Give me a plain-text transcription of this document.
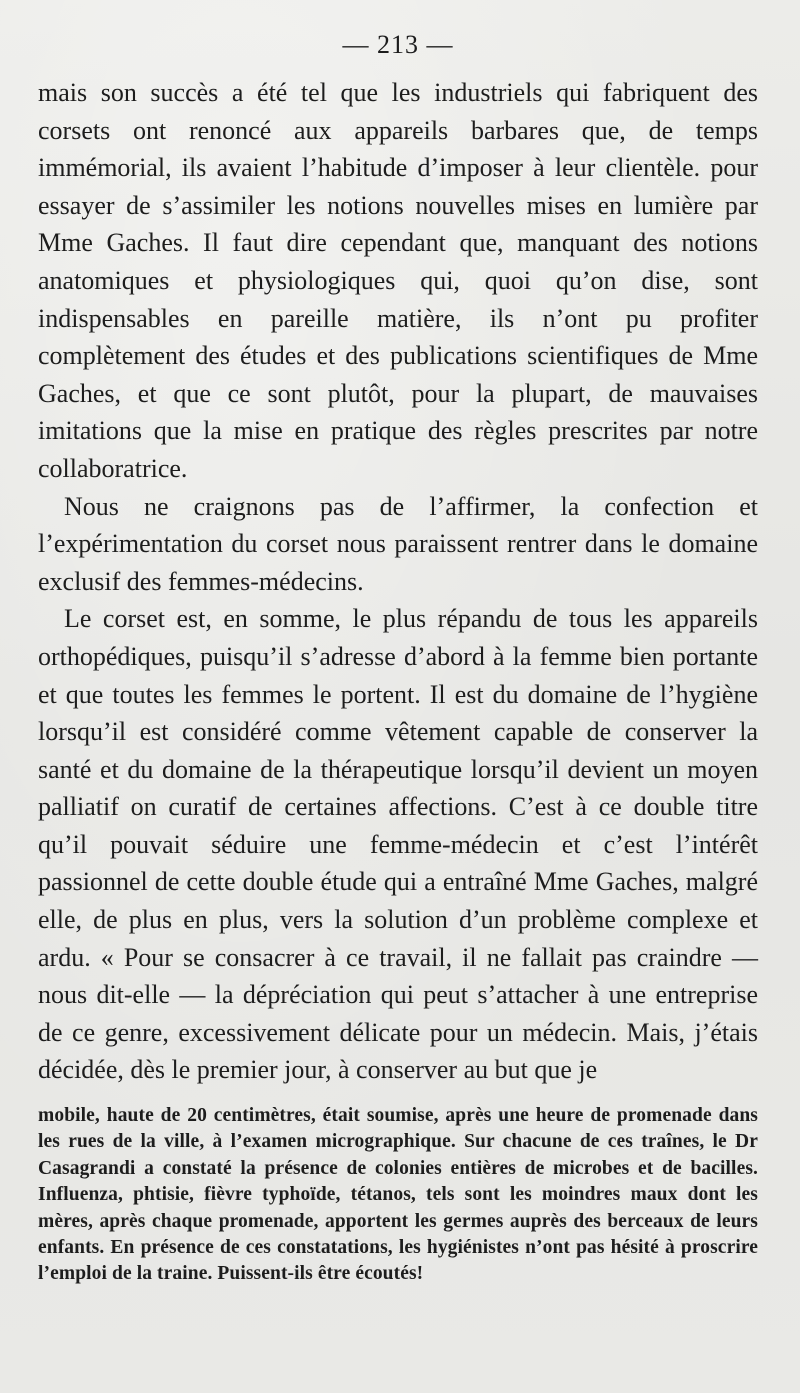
— 213 —

mais son succès a été tel que les industriels qui fabriquent des corsets ont renoncé aux appareils barbares que, de temps immémorial, ils avaient l’habitude d’imposer à leur clientèle. pour essayer de s’assimiler les notions nouvelles mises en lumière par Mme Gaches. Il faut dire cependant que, manquant des notions anatomiques et physiologiques qui, quoi qu’on dise, sont indispensables en pareille matière, ils n’ont pu profiter complètement des études et des publications scientifiques de Mme Gaches, et que ce sont plutôt, pour la plupart, de mauvaises imitations que la mise en pratique des règles prescrites par notre collaboratrice.

Nous ne craignons pas de l’affirmer, la confection et l’expérimentation du corset nous paraissent rentrer dans le domaine exclusif des femmes-médecins.

Le corset est, en somme, le plus répandu de tous les appareils orthopédiques, puisqu’il s’adresse d’abord à la femme bien portante et que toutes les femmes le portent. Il est du domaine de l’hygiène lorsqu’il est considéré comme vêtement capable de conserver la santé et du domaine de la thérapeutique lorsqu’il devient un moyen palliatif on curatif de certaines affections. C’est à ce double titre qu’il pouvait séduire une femme-médecin et c’est l’intérêt passionnel de cette double étude qui a entraîné Mme Gaches, malgré elle, de plus en plus, vers la solution d’un problème complexe et ardu. « Pour se consacrer à ce travail, il ne fallait pas craindre — nous dit-elle — la dépréciation qui peut s’attacher à une entreprise de ce genre, excessivement délicate pour un médecin. Mais, j’étais décidée, dès le premier jour, à conserver au but que je

mobile, haute de 20 centimètres, était soumise, après une heure de promenade dans les rues de la ville, à l’examen micrographique. Sur chacune de ces traînes, le Dr Casagrandi a constaté la présence de colonies entières de microbes et de bacilles. Influenza, phtisie, fièvre typhoïde, tétanos, tels sont les moindres maux dont les mères, après chaque promenade, apportent les germes auprès des berceaux de leurs enfants. En présence de ces constatations, les hygiénistes n’ont pas hésité à proscrire l’emploi de la traine. Puissent-ils être écoutés!
